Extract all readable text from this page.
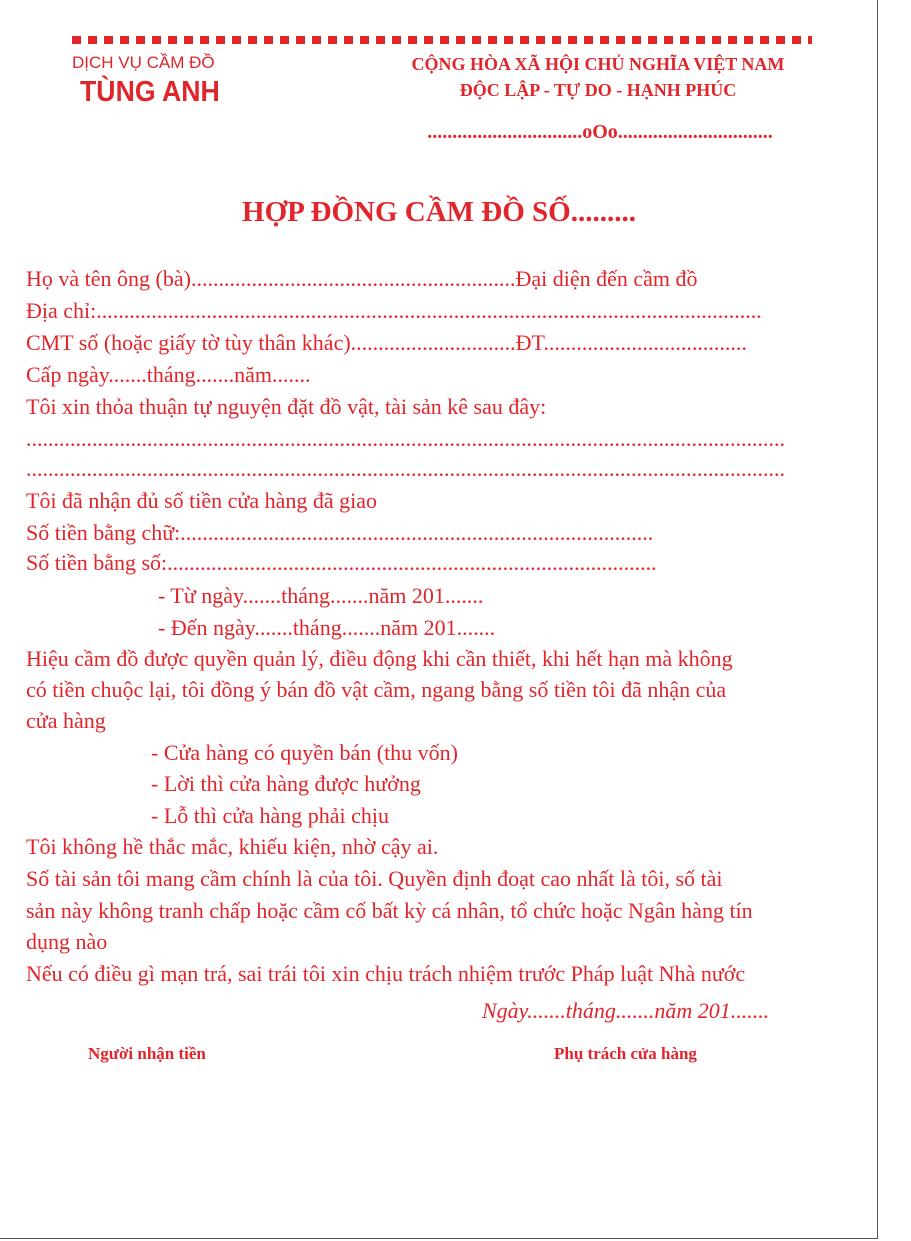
DỊCH VỤ CẦM ĐỒ
TÙNG ANH
CỘNG HÒA XÃ HỘI CHỦ NGHĨA VIỆT NAM
ĐỘC LẬP - TỰ DO - HẠNH PHÚC
...............................oOo...............................
HỢP ĐỒNG CẦM ĐỒ SỐ.........
Họ và tên ông (bà)...........................................................Đại diện đến cầm đồ
Địa chỉ:.........................................................................................................................
CMT số (hoặc giấy tờ tùy thân khác)..............................ĐT.....................................
Cấp ngày.......tháng.......năm.......
Tôi xin thỏa thuận tự nguyện đặt đồ vật, tài sản kê sau đây:
..........................................................................................................................................
..........................................................................................................................................
Tôi đã nhận đủ số tiền cửa hàng đã giao
Số tiền bằng chữ:......................................................................................
Số tiền bằng số:.........................................................................................
- Từ ngày.......tháng.......năm 201.......
- Đến ngày.......tháng.......năm 201.......
Hiệu cầm đồ được quyền quản lý, điều động khi cần thiết, khi hết hạn mà không
có tiền chuộc lại, tôi đồng ý bán đồ vật cầm, ngang bằng số tiền tôi đã nhận của
cửa hàng
- Cửa hàng có quyền bán (thu vốn)
- Lời thì cửa hàng được hưởng
- Lỗ thì cửa hàng phải chịu
Tôi không hề thắc mắc, khiếu kiện, nhờ cậy ai.
Số tài sản tôi mang cầm chính là của tôi. Quyền định đoạt cao nhất là tôi, số tài
sản này không tranh chấp hoặc cầm cố bất kỳ cá nhân, tổ chức hoặc Ngân hàng tín
dụng nào
Nếu có điều gì mạn trá, sai trái tôi xin chịu trách nhiệm trước Pháp luật Nhà nước
Ngày.......tháng.......năm 201.......
Người nhận tiền	Phụ trách cửa hàng
